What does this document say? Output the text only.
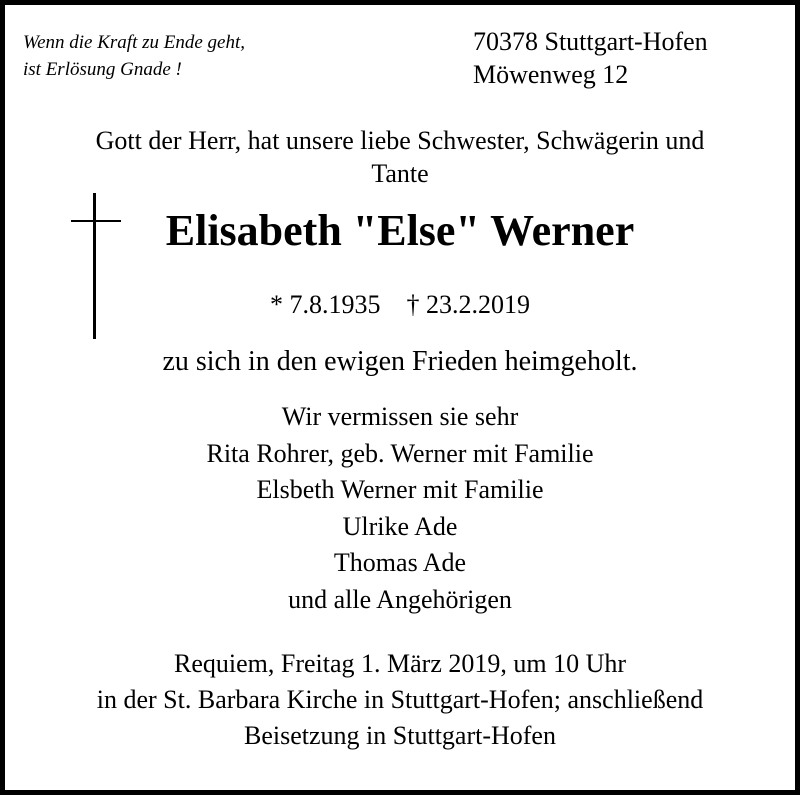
Wenn die Kraft zu Ende geht,
ist Erlösung Gnade !
70378 Stuttgart-Hofen
Möwenweg 12
Gott der Herr, hat unsere liebe Schwester, Schwägerin und
Tante
Elisabeth "Else" Werner
* 7.8.1935 † 23.2.2019
zu sich in den ewigen Frieden heimgeholt.
Wir vermissen sie sehr
Rita Rohrer, geb. Werner mit Familie
Elsbeth Werner mit Familie
Ulrike Ade
Thomas Ade
und alle Angehörigen
Requiem, Freitag 1. März 2019, um 10 Uhr
in der St. Barbara Kirche in Stuttgart-Hofen; anschließend
Beisetzung in Stuttgart-Hofen
